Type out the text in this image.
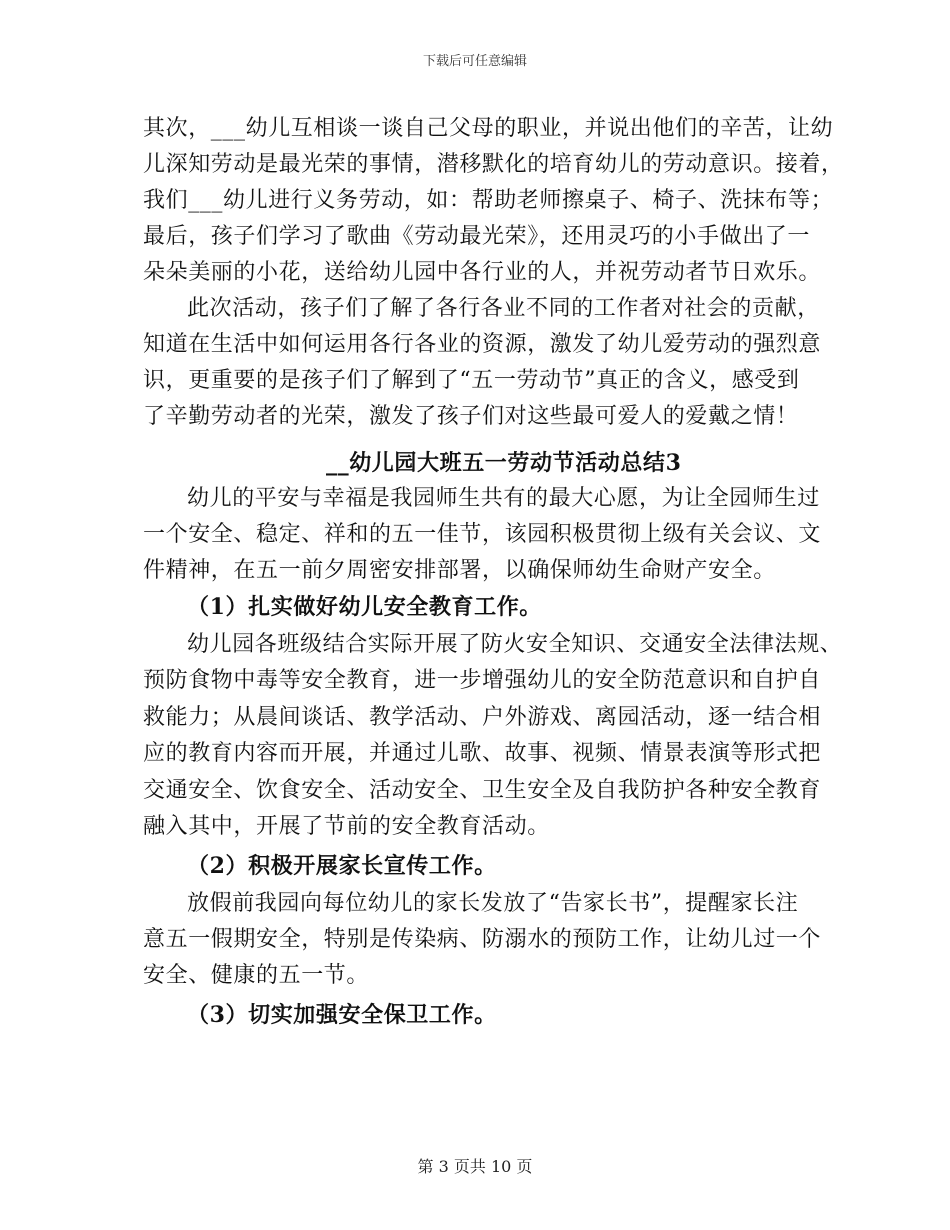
下载后可任意编辑
其次，___幼儿互相谈一谈自己父母的职业，并说出他们的辛苦，让幼
儿深知劳动是最光荣的事情，潜移默化的培育幼儿的劳动意识。接着，
我们___幼儿进行义务劳动，如：帮助老师擦桌子、椅子、洗抹布等；
最后，孩子们学习了歌曲《劳动最光荣》，还用灵巧的小手做出了一
朵朵美丽的小花，送给幼儿园中各行业的人，并祝劳动者节日欢乐。
此次活动，孩子们了解了各行各业不同的工作者对社会的贡献，
知道在生活中如何运用各行各业的资源，激发了幼儿爱劳动的强烈意
识，更重要的是孩子们了解到了“五一劳动节”真正的含义，感受到
了辛勤劳动者的光荣，激发了孩子们对这些最可爱人的爱戴之情！
__幼儿园大班五一劳动节活动总结3
幼儿的平安与幸福是我园师生共有的最大心愿，为让全园师生过
一个安全、稳定、祥和的五一佳节，该园积极贯彻上级有关会议、文
件精神，在五一前夕周密安排部署，以确保师幼生命财产安全。
（1）扎实做好幼儿安全教育工作。
幼儿园各班级结合实际开展了防火安全知识、交通安全法律法规、
预防食物中毒等安全教育，进一步增强幼儿的安全防范意识和自护自
救能力；从晨间谈话、教学活动、户外游戏、离园活动，逐一结合相
应的教育内容而开展，并通过儿歌、故事、视频、情景表演等形式把
交通安全、饮食安全、活动安全、卫生安全及自我防护各种安全教育
融入其中，开展了节前的安全教育活动。
（2）积极开展家长宣传工作。
放假前我园向每位幼儿的家长发放了“告家长书”，提醒家长注
意五一假期安全，特别是传染病、防溺水的预防工作，让幼儿过一个
安全、健康的五一节。
（3）切实加强安全保卫工作。
第 3 页共 10 页
